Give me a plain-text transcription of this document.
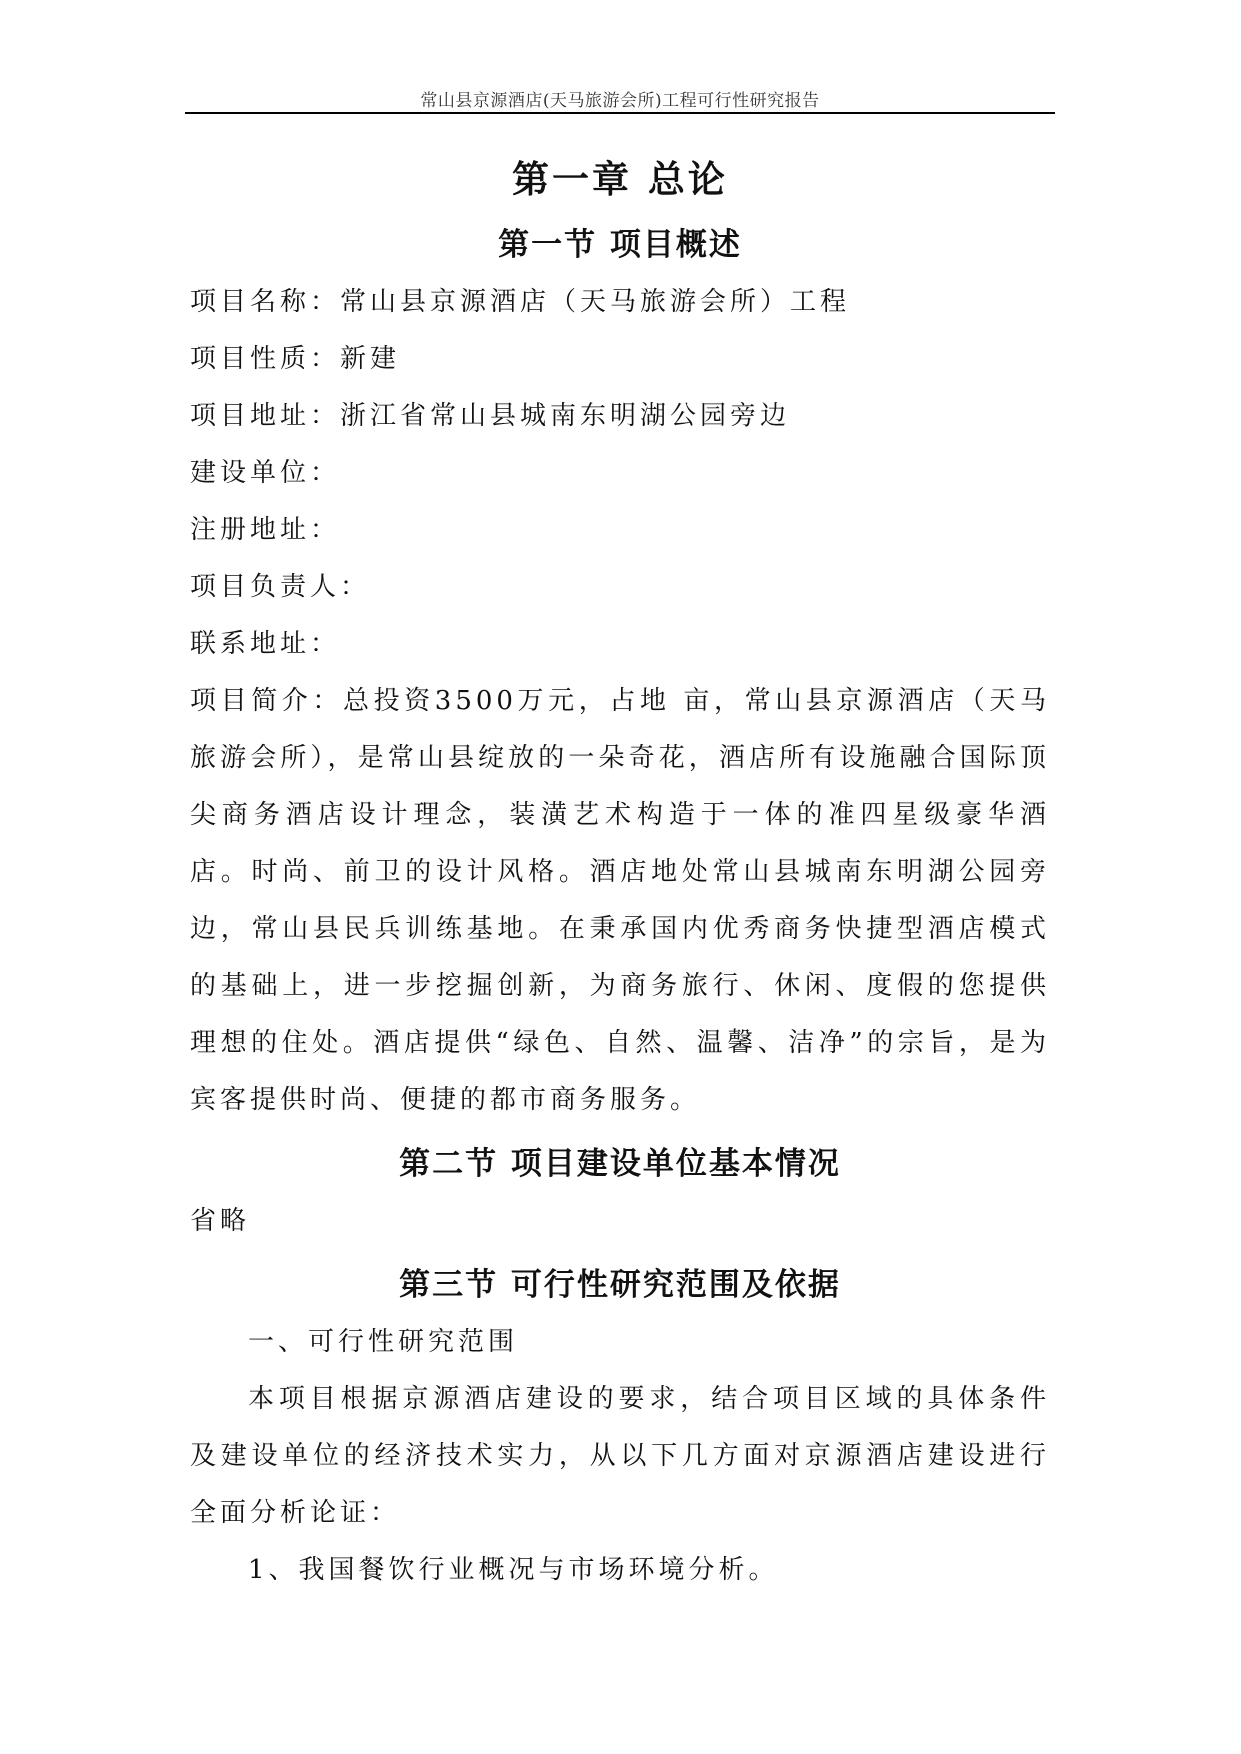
常山县京源酒店(天马旅游会所)工程可行性研究报告
第一章 总论
第一节 项目概述

项目名称：常山县京源酒店（天马旅游会所）工程

项目性质：新建

项目地址：浙江省常山县城南东明湖公园旁边

建设单位：

注册地址：

项目负责人：

联系地址：

项目简介：总投资3500万元，占地 亩，常山县京源酒店（天马旅游会所），是常山县绽放的一朵奇花，酒店所有设施融合国际顶尖商务酒店设计理念，装潢艺术构造于一体的准四星级豪华酒店。时尚、前卫的设计风格。酒店地处常山县城南东明湖公园旁边，常山县民兵训练基地。在秉承国内优秀商务快捷型酒店模式的基础上，进一步挖掘创新，为商务旅行、休闲、度假的您提供理想的住处。酒店提供“绿色、自然、温馨、洁净”的宗旨，是为宾客提供时尚、便捷的都市商务服务。

第二节 项目建设单位基本情况

省略

第三节 可行性研究范围及依据

一、可行性研究范围

本项目根据京源酒店建设的要求，结合项目区域的具体条件及建设单位的经济技术实力，从以下几方面对京源酒店建设进行全面分析论证：

1、我国餐饮行业概况与市场环境分析。
